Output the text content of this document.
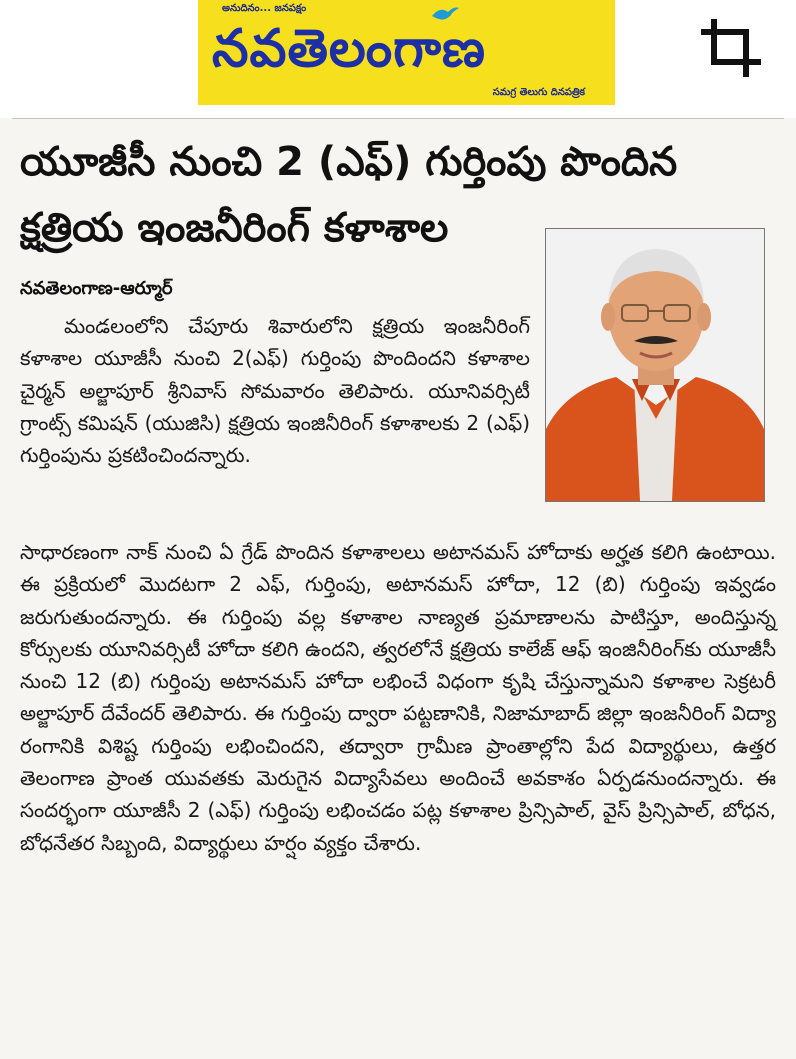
అనుదినం... జనపక్షం
నవతెలంగాణ
సమగ్ర తెలుగు దినపత్రిక
యూజీసీ నుంచి 2 (ఎఫ్) గుర్తింపు పొందిన
క్షత్రియ ఇంజనీరింగ్ కళాశాల

నవతెలంగాణ-ఆర్మూర్

మండలంలోని చేపూరు శివారులోని క్షత్రియ ఇంజనీరింగ్ కళాశాల యూజీసీ నుంచి 2(ఎఫ్) గుర్తింపు పొందిందని కళాశాల చైర్మన్ అల్జాపూర్ శ్రీనివాస్ సోమవారం తెలిపారు. యూనివర్సిటీ గ్రాంట్స్ కమిషన్ (యుజిసి) క్షత్రియ ఇంజినీరింగ్ కళాశాలకు 2 (ఎఫ్) గుర్తింపును ప్రకటించిందన్నారు.

సాధారణంగా నాక్ నుంచి ఏ గ్రేడ్ పొందిన కళాశాలలు అటానమస్ హోదాకు అర్హత కలిగి ఉంటాయి. ఈ ప్రక్రియలో మొదటగా 2 ఎఫ్, గుర్తింపు, అటానమస్ హోదా, 12 (బి) గుర్తింపు ఇవ్వడం జరుగుతుందన్నారు. ఈ గుర్తింపు వల్ల కళాశాల నాణ్యత ప్రమాణాలను పాటిస్తూ, అందిస్తున్న కోర్సులకు యూనివర్సిటీ హోదా కలిగి ఉందని, త్వరలోనే క్షత్రియ కాలేజ్ ఆఫ్ ఇంజినీరింగ్‌కు యూజీసీ నుంచి 12 (బి) గుర్తింపు అటానమస్ హోదా లభించే విధంగా కృషి చేస్తున్నామని కళాశాల సెక్రటరీ అల్జాపూర్ దేవేందర్ తెలిపారు. ఈ గుర్తింపు ద్వారా పట్టణానికి, నిజామాబాద్ జిల్లా ఇంజనీరింగ్ విద్యా రంగానికి విశిష్ట గుర్తింపు లభించిందని, తద్వారా గ్రామీణ ప్రాంతాల్లోని పేద విద్యార్థులు, ఉత్తర తెలంగాణ ప్రాంత యువతకు మెరుగైన విద్యాసేవలు అందించే అవకాశం ఏర్పడనుందన్నారు. ఈ సందర్భంగా యూజీసీ 2 (ఎఫ్) గుర్తింపు లభించడం పట్ల కళాశాల ప్రిన్సిపాల్, వైస్ ప్రిన్సిపాల్, బోధన, బోధనేతర సిబ్బంది, విద్యార్థులు హర్షం వ్యక్తం చేశారు.
